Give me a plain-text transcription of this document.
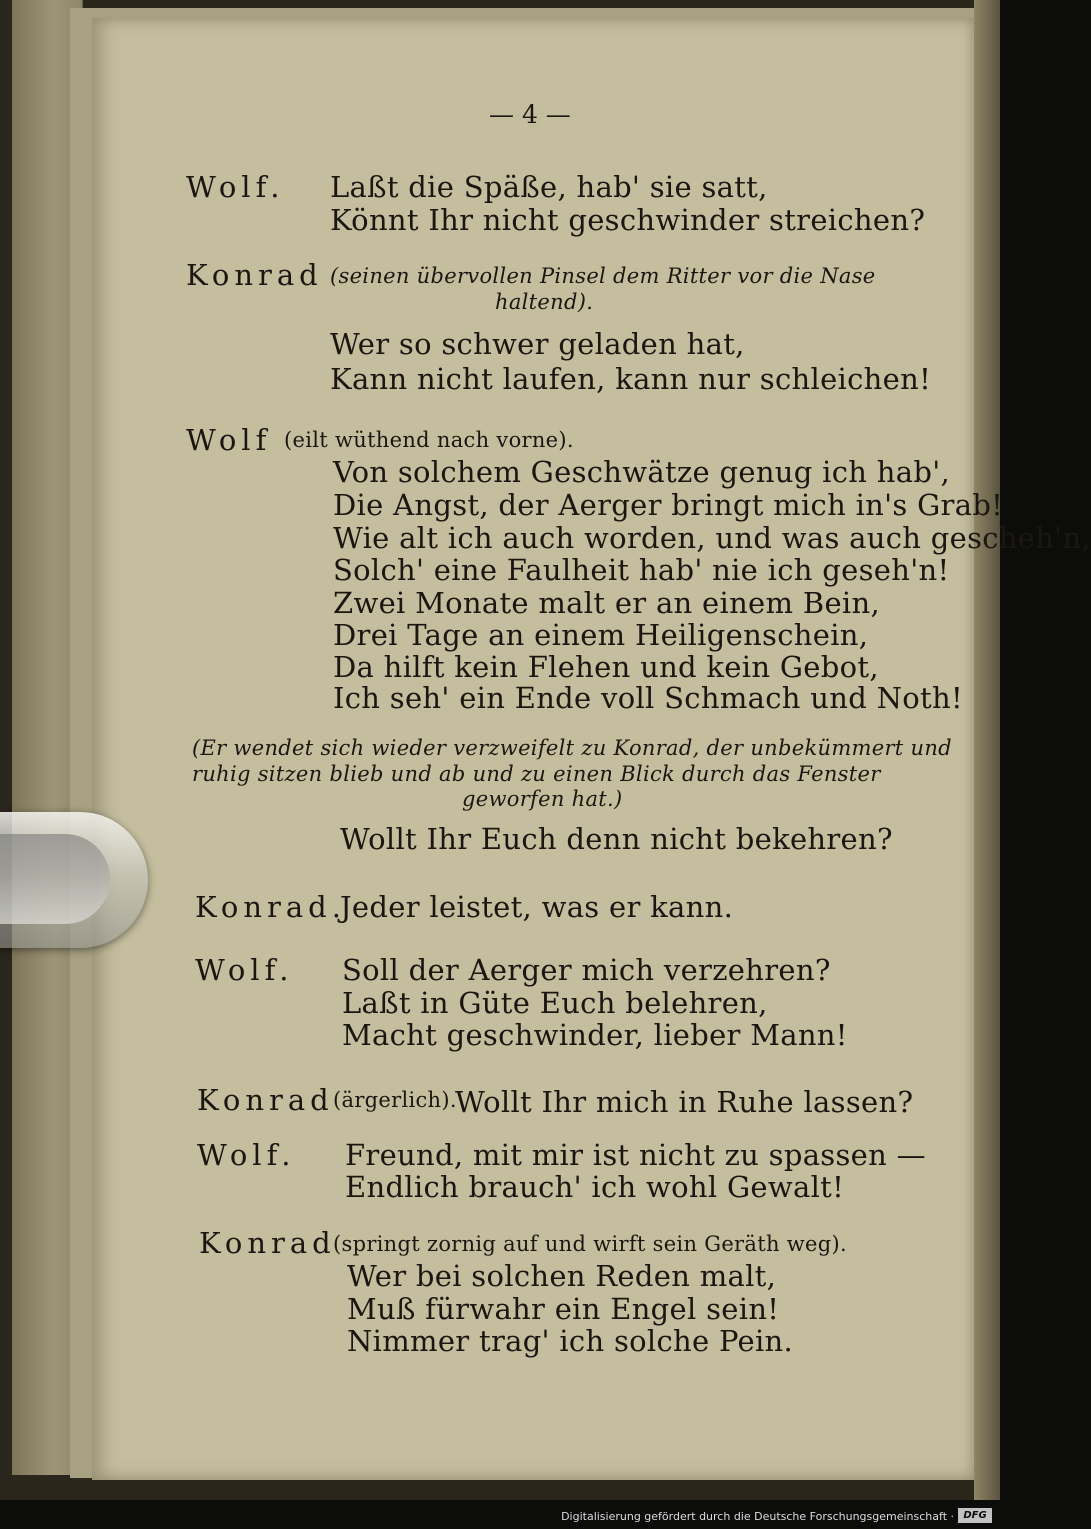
— 4 —
Wolf. Laßt die Späße, hab' sie satt,
Könnt Ihr nicht geschwinder streichen?
Konrad (seinen übervollen Pinsel dem Ritter vor die Nase
haltend).
Wer so schwer geladen hat,
Kann nicht laufen, kann nur schleichen!
Wolf (eilt wüthend nach vorne).
Von solchem Geschwätze genug ich hab',
Die Angst, der Aerger bringt mich in's Grab!
Wie alt ich auch worden, und was auch gescheh'n,
Solch' eine Faulheit hab' nie ich geseh'n!
Zwei Monate malt er an einem Bein,
Drei Tage an einem Heiligenschein,
Da hilft kein Flehen und kein Gebot,
Ich seh' ein Ende voll Schmach und Noth!
(Er wendet sich wieder verzweifelt zu Konrad, der unbekümmert und
ruhig sitzen blieb und ab und zu einen Blick durch das Fenster
geworfen hat.)
Wollt Ihr Euch denn nicht bekehren?
Konrad.
Jeder leistet, was er kann.
Wolf. Soll der Aerger mich verzehren?
Laßt in Güte Euch belehren,
Macht geschwinder, lieber Mann!
Konrad (ärgerlich).
Wollt Ihr mich in Ruhe lassen?
Wolf. Freund, mit mir ist nicht zu spassen —
Endlich brauch' ich wohl Gewalt!
Konrad
(springt zornig auf und wirft sein Geräth weg).
Wer bei solchen Reden malt,
Muß fürwahr ein Engel sein!
Nimmer trag' ich solche Pein.
Digitalisierung gefördert durch die Deutsche Forschungsgemeinschaft · DFG
